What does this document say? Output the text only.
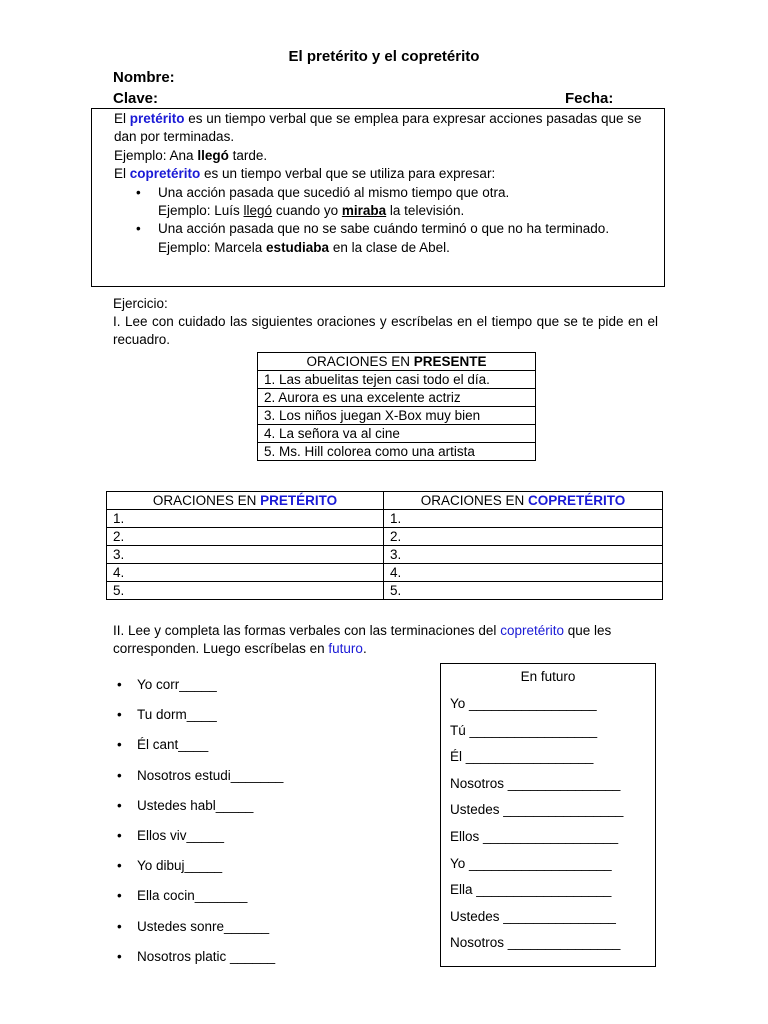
El pretérito y el copretérito
Nombre:
Clave:	Fecha:

El pretérito es un tiempo verbal que se emplea para expresar acciones pasadas que se dan por terminadas.

Ejemplo: Ana llegó tarde.

El copretérito es un tiempo verbal que se utiliza para expresar:

• Una acción pasada que sucedió al mismo tiempo que otra.

Ejemplo: Luís llegó cuando yo miraba la televisión.

• Una acción pasada que no se sabe cuándo terminó o que no ha terminado.

Ejemplo: Marcela estudiaba en la clase de Abel.

Ejercicio:
I. Lee con cuidado las siguientes oraciones y escríbelas en el tiempo que se te pide en el recuadro.
ORACIONES EN PRESENTE
1. Las abuelitas tejen casi todo el día.
2. Aurora es una excelente actriz
3. Los niños juegan X-Box muy bien
4. La señora va al cine
5. Ms. Hill colorea como una artista
ORACIONES EN PRETÉRITO	ORACIONES EN COPRETÉRITO
1.	1.
2.	2.
3.	3.
4.	4.
5.	5.
II. Lee y completa las formas verbales con las terminaciones del copretérito que les corresponden. Luego escríbelas en futuro.
• Yo corr_____
• Tu dorm____
• Él cant____
• Nosotros estudi_______
• Ustedes habl_____
• Ellos viv_____
• Yo dibuj_____
• Ella cocin_______
• Ustedes sonre______
• Nosotros platic ______
En futuro
Yo _________________
Tú _________________
Él _________________
Nosotros _______________
Ustedes ________________
Ellos __________________
Yo ___________________
Ella __________________
Ustedes _______________
Nosotros _______________
